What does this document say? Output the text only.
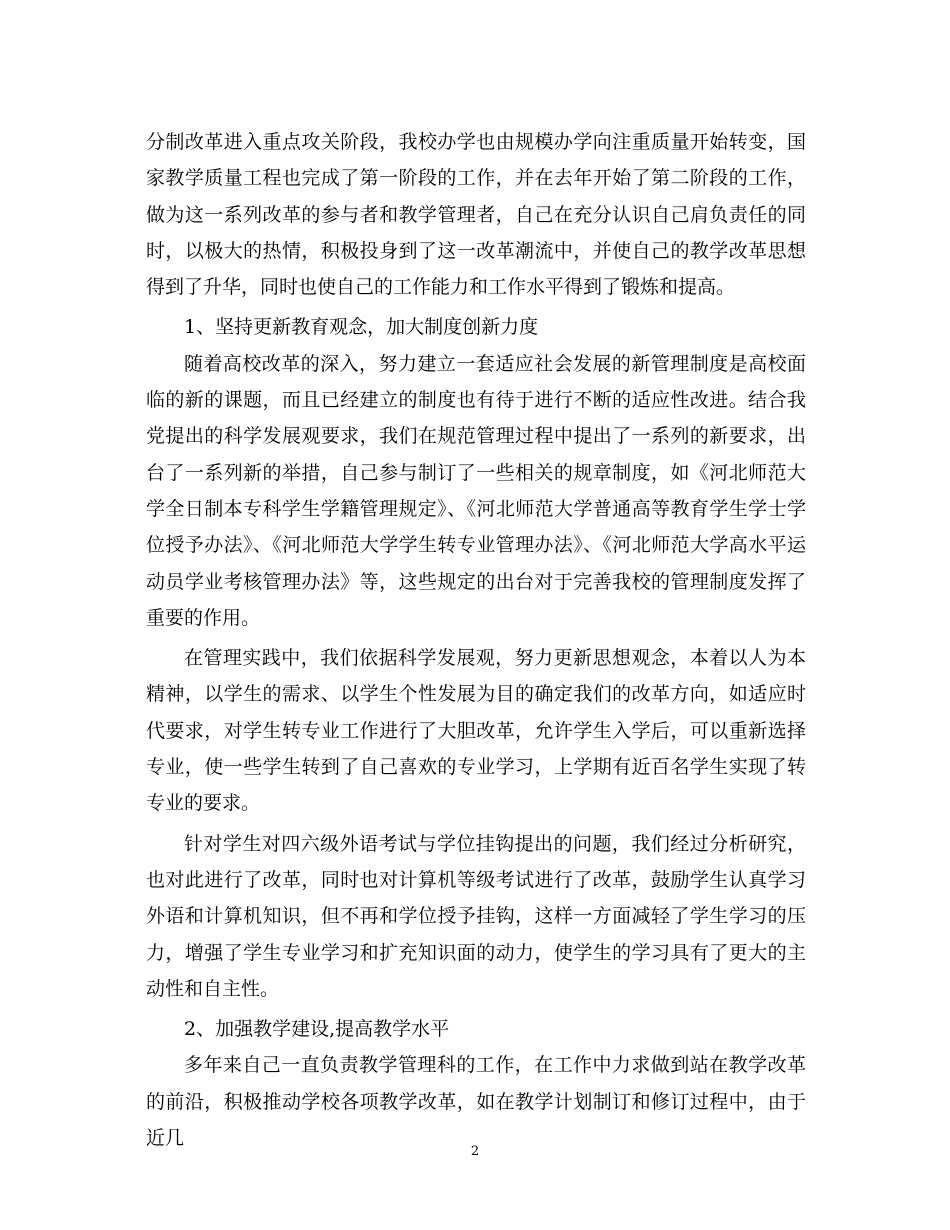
分制改革进入重点攻关阶段，我校办学也由规模办学向注重质量开始转变，国家教学质量工程也完成了第一阶段的工作，并在去年开始了第二阶段的工作，做为这一系列改革的参与者和教学管理者，自己在充分认识自己肩负责任的同时，以极大的热情，积极投身到了这一改革潮流中，并使自己的教学改革思想得到了升华，同时也使自己的工作能力和工作水平得到了锻炼和提高。

1、坚持更新教育观念，加大制度创新力度

随着高校改革的深入，努力建立一套适应社会发展的新管理制度是高校面临的新的课题，而且已经建立的制度也有待于进行不断的适应性改进。结合我党提出的科学发展观要求，我们在规范管理过程中提出了一系列的新要求，出台了一系列新的举措，自己参与制订了一些相关的规章制度，如《河北师范大学全日制本专科学生学籍管理规定》、《河北师范大学普通高等教育学生学士学位授予办法》、《河北师范大学学生转专业管理办法》、《河北师范大学高水平运动员学业考核管理办法》等，这些规定的出台对于完善我校的管理制度发挥了重要的作用。

在管理实践中，我们依据科学发展观，努力更新思想观念，本着以人为本精神，以学生的需求、以学生个性发展为目的确定我们的改革方向，如适应时代要求，对学生转专业工作进行了大胆改革，允许学生入学后，可以重新选择专业，使一些学生转到了自己喜欢的专业学习，上学期有近百名学生实现了转专业的要求。

针对学生对四六级外语考试与学位挂钩提出的问题，我们经过分析研究，也对此进行了改革，同时也对计算机等级考试进行了改革，鼓励学生认真学习外语和计算机知识，但不再和学位授予挂钩，这样一方面减轻了学生学习的压力，增强了学生专业学习和扩充知识面的动力，使学生的学习具有了更大的主动性和自主性。

2、加强教学建设,提高教学水平

多年来自己一直负责教学管理科的工作，在工作中力求做到站在教学改革的前沿，积极推动学校各项教学改革，如在教学计划制订和修订过程中，由于近几

2
